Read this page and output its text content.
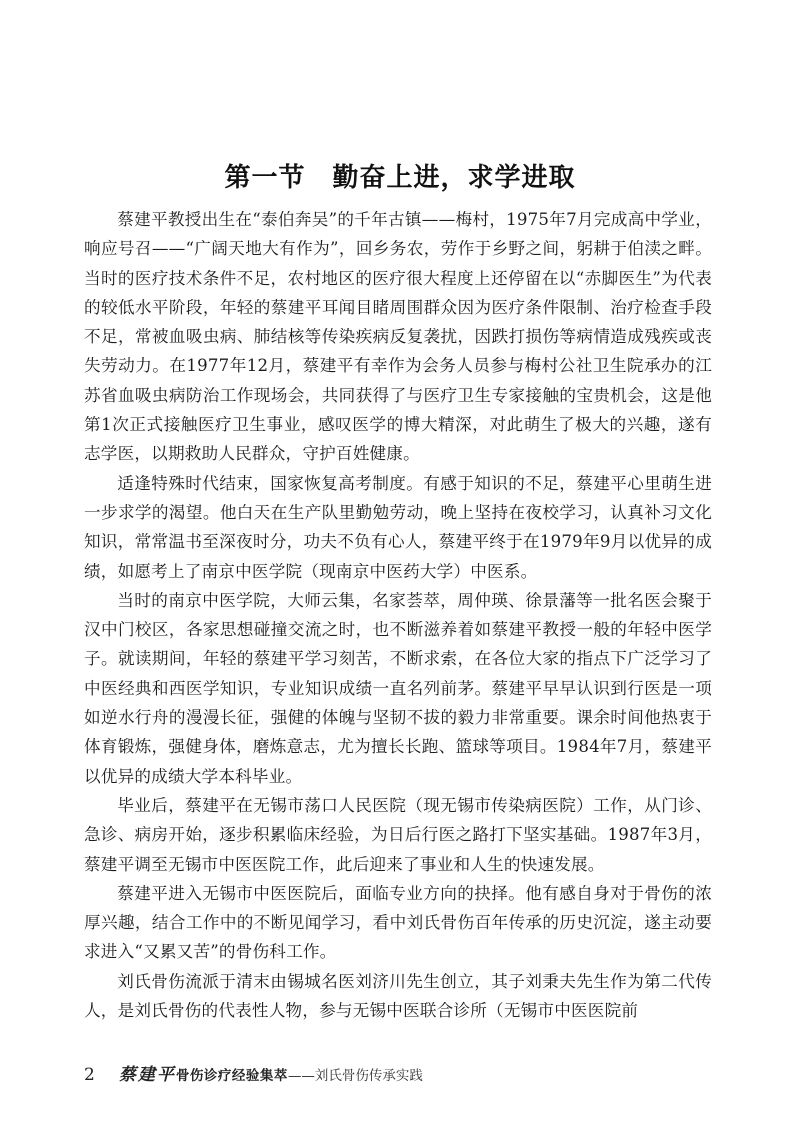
第一节　勤奋上进，求学进取

蔡建平教授出生在“泰伯奔吴”的千年古镇——梅村，1975年7月完成高中学业，响应号召——“广阔天地大有作为”，回乡务农，劳作于乡野之间，躬耕于伯渎之畔。当时的医疗技术条件不足，农村地区的医疗很大程度上还停留在以“赤脚医生”为代表的较低水平阶段，年轻的蔡建平耳闻目睹周围群众因为医疗条件限制、治疗检查手段不足，常被血吸虫病、肺结核等传染疾病反复袭扰，因跌打损伤等病情造成残疾或丧失劳动力。在1977年12月，蔡建平有幸作为会务人员参与梅村公社卫生院承办的江苏省血吸虫病防治工作现场会，共同获得了与医疗卫生专家接触的宝贵机会，这是他第1次正式接触医疗卫生事业，感叹医学的博大精深，对此萌生了极大的兴趣，遂有志学医，以期救助人民群众，守护百姓健康。

适逢特殊时代结束，国家恢复高考制度。有感于知识的不足，蔡建平心里萌生进一步求学的渴望。他白天在生产队里勤勉劳动，晚上坚持在夜校学习，认真补习文化知识，常常温书至深夜时分，功夫不负有心人，蔡建平终于在1979年9月以优异的成绩，如愿考上了南京中医学院（现南京中医药大学）中医系。

当时的南京中医学院，大师云集，名家荟萃，周仲瑛、徐景藩等一批名医会聚于汉中门校区，各家思想碰撞交流之时，也不断滋养着如蔡建平教授一般的年轻中医学子。就读期间，年轻的蔡建平学习刻苦，不断求索，在各位大家的指点下广泛学习了中医经典和西医学知识，专业知识成绩一直名列前茅。蔡建平早早认识到行医是一项如逆水行舟的漫漫长征，强健的体魄与坚韧不拔的毅力非常重要。课余时间他热衷于体育锻炼，强健身体，磨炼意志，尤为擅长长跑、篮球等项目。1984年7月，蔡建平以优异的成绩大学本科毕业。

毕业后，蔡建平在无锡市荡口人民医院（现无锡市传染病医院）工作，从门诊、急诊、病房开始，逐步积累临床经验，为日后行医之路打下坚实基础。1987年3月，蔡建平调至无锡市中医医院工作，此后迎来了事业和人生的快速发展。

蔡建平进入无锡市中医医院后，面临专业方向的抉择。他有感自身对于骨伤的浓厚兴趣，结合工作中的不断见闻学习，看中刘氏骨伤百年传承的历史沉淀，遂主动要求进入“又累又苦”的骨伤科工作。

刘氏骨伤流派于清末由锡城名医刘济川先生创立，其子刘秉夫先生作为第二代传人，是刘氏骨伤的代表性人物，参与无锡中医联合诊所（无锡市中医医院前

2 蔡建平 骨伤诊疗经验集萃 ——刘氏骨伤传承实践
